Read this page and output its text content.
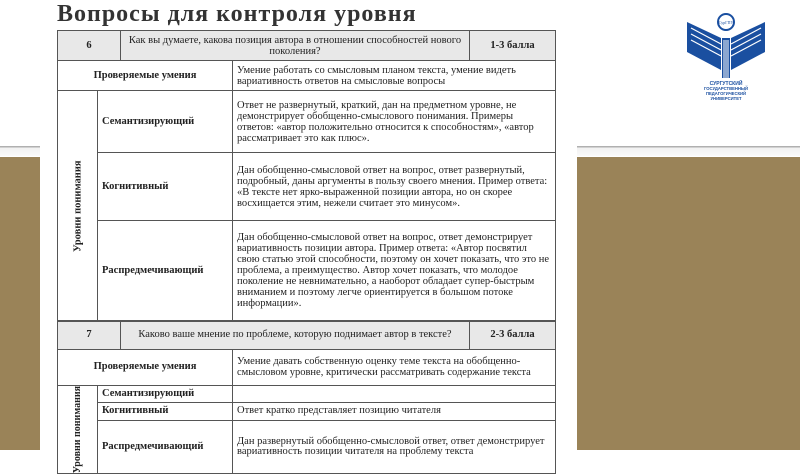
Вопросы для контроля уровня	СурГПУ
СУРГУТСКИЙ
ГОСУДАРСТВЕННЫЙ
ПЕДАГОГИЧЕСКИЙ
УНИВЕРСИТЕТ
6		Как вы думаете, какова позиция автора в отношении способностей нового поколения?		1-3 балла
Проверяемые умения			Умение работать со смысловым планом текста, умение видеть вариативность ответов на смысловые вопросы	
Уровни понимания	Семантизирующий		Ответ не развернутый, краткий, дан на предметном уровне, не демонстрирует обобщенно-смыслового понимания. Примеры ответов: «автор положительно относится к способностям», «автор рассматривает это как плюс».	
	Когнитивный		Дан обобщенно-смысловой ответ на вопрос, ответ развернутый, подробный, даны аргументы в пользу своего мнения. Пример ответа: «В тексте нет ярко-выраженной позиции автора, но он скорее восхищается этим, нежели считает это минусом».	
	Распредмечивающий		Дан обобщенно-смысловой ответ на вопрос, ответ демонстрирует вариативность позиции автора. Пример ответа: «Автор посвятил свою статью этой способности, поэтому он хочет показать, что это не проблема, а преимущество. Автор хочет показать, что молодое поколение не невнимательно, а наоборот обладает супер-быстрым вниманием и поэтому легче ориентируется в большом потоке информации».	
7		Каково ваше мнение по проблеме, которую поднимает автор в тексте?		2-3 балла
Проверяемые умения			Умение давать собственную оценку теме текста на обобщенно-смысловом уровне, критически рассматривать содержание текста	
Уровни понимания	Семантизирующий			
	Когнитивный		Ответ кратко представляет позицию читателя	
	Распредмечивающий		Дан развернутый обобщенно-смысловой ответ, ответ демонстрирует вариативность позиции читателя на проблему текста	
